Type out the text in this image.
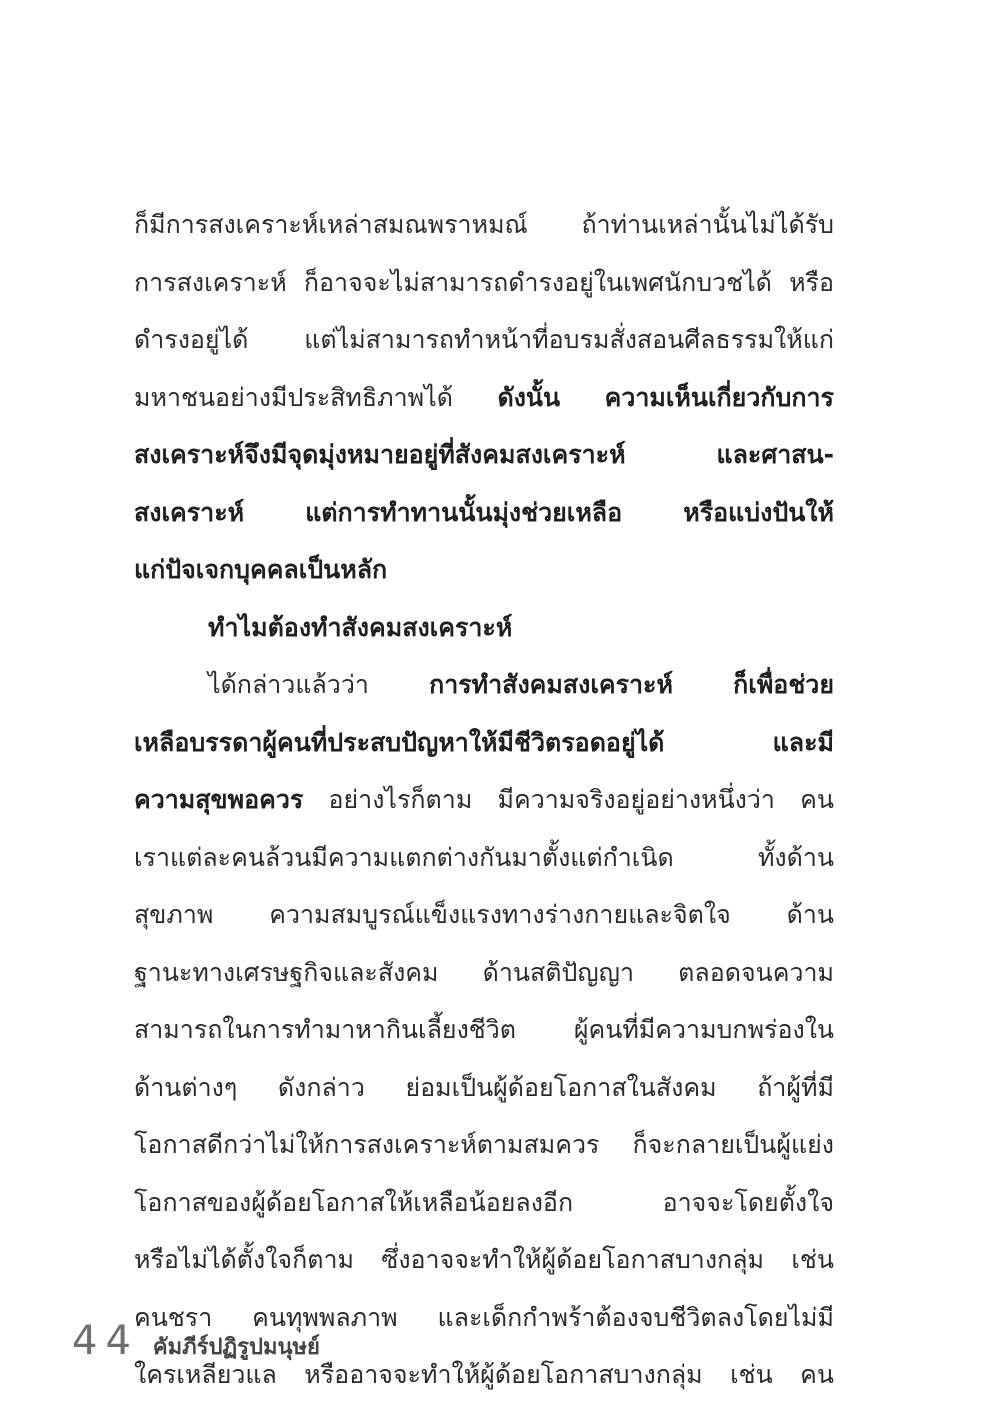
ก็มีการสงเคราะห์เหล่าสมณพราหมณ์ ถ้าท่านเหล่านั้นไม่ได้รับ
การสงเคราะห์ ก็อาจจะไม่สามารถดำรงอยู่ในเพศนักบวชได้ หรือ
ดำรงอยู่ได้ แต่ไม่สามารถทำหน้าที่อบรมสั่งสอนศีลธรรมให้แก่
มหาชนอย่างมีประสิทธิภาพได้ ดังนั้น ความเห็นเกี่ยวกับการ
สงเคราะห์จึงมีจุดมุ่งหมายอยู่ที่สังคมสงเคราะห์	และศาสน-
สงเคราะห์ แต่การทำทานนั้นมุ่งช่วยเหลือ หรือแบ่งปันให้
แก่ปัจเจกบุคคลเป็นหลัก
ทำไมต้องทำสังคมสงเคราะห์
ได้กล่าวแล้วว่า การทำสังคมสงเคราะห์ ก็เพื่อช่วย
เหลือบรรดาผู้คนที่ประสบปัญหาให้มีชีวิตรอดอยู่ได้	และมี
ความสุขพอควร อย่างไรก็ตาม มีความจริงอยู่อย่างหนึ่งว่า คน
เราแต่ละคนล้วนมีความแตกต่างกันมาตั้งแต่กำเนิด	ทั้งด้าน
สุขภาพ ความสมบูรณ์แข็งแรงทางร่างกายและจิตใจ ด้าน
ฐานะทางเศรษฐกิจและสังคม ด้านสติปัญญา ตลอดจนความ
สามารถในการทำมาหากินเลี้ยงชีวิต ผู้คนที่มีความบกพร่องใน
ด้านต่างๆ ดังกล่าว ย่อมเป็นผู้ด้อยโอกาสในสังคม ถ้าผู้ที่มี
โอกาสดีกว่าไม่ให้การสงเคราะห์ตามสมควร ก็จะกลายเป็นผู้แย่ง
โอกาสของผู้ด้อยโอกาสให้เหลือน้อยลงอีก	อาจจะโดยตั้งใจ
หรือไม่ได้ตั้งใจก็ตาม ซึ่งอาจจะทำให้ผู้ด้อยโอกาสบางกลุ่ม เช่น
คนชรา คนทุพพลภาพ และเด็กกำพร้าต้องจบชีวิตลงโดยไม่มี
ใครเหลียวแล หรืออาจจะทำให้ผู้ด้อยโอกาสบางกลุ่ม เช่น คน
44 คัมภีร์ปฏิรูปมนุษย์
